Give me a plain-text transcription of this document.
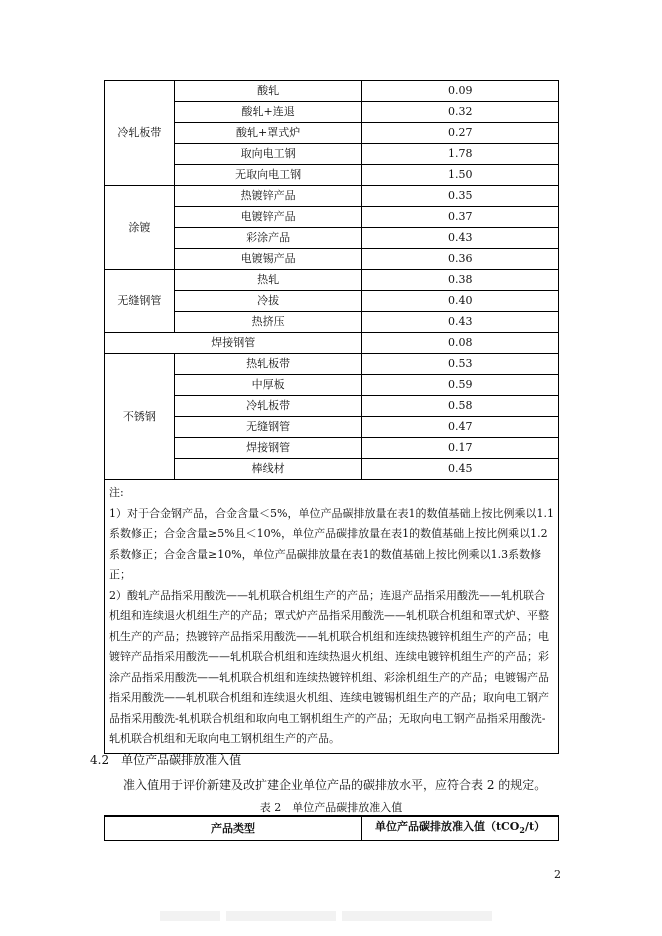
冷轧板带	酸轧	0.09
	酸轧+连退	0.32
	酸轧+罩式炉	0.27
	取向电工钢	1.78
	无取向电工钢	1.50
涂镀	热镀锌产品	0.35
	电镀锌产品	0.37
	彩涂产品	0.43
	电镀锡产品	0.36
无缝钢管	热轧	0.38
	冷拔	0.40
	热挤压	0.43
焊接钢管		0.08
不锈钢	热轧板带	0.53
	中厚板	0.59
	冷轧板带	0.58
	无缝钢管	0.47
	焊接钢管	0.17
	棒线材	0.45

注:

1）对于合金钢产品，合金含量＜5%，单位产品碳排放量在表1的数值基础上按比例乘以1.1系数修正；合金含量≥5%且＜10%，单位产品碳排放量在表1的数值基础上按比例乘以1.2系数修正；合金含量≥10%，单位产品碳排放量在表1的数值基础上按比例乘以1.3系数修正；

2）酸轧产品指采用酸洗——轧机联合机组生产的产品；连退产品指采用酸洗——轧机联合机组和连续退火机组生产的产品；罩式炉产品指采用酸洗——轧机联合机组和罩式炉、平整机生产的产品；热镀锌产品指采用酸洗——轧机联合机组和连续热镀锌机组生产的产品；电镀锌产品指采用酸洗——轧机联合机组和连续热退火机组、连续电镀锌机组生产的产品；彩涂产品指采用酸洗——轧机联合机组和连续热镀锌机组、彩涂机组生产的产品；电镀锡产品指采用酸洗——轧机联合机组和连续退火机组、连续电镀锡机组生产的产品；取向电工钢产品指采用酸洗-轧机联合机组和取向电工钢机组生产的产品；无取向电工钢产品指采用酸洗-轧机联合机组和无取向电工钢机组生产的产品。		

4.2　 单位产品碳排放准入值
准入值用于评价新建及改扩建企业单位产品的碳排放水平，应符合表 2 的规定。
表 2　单位产品碳排放准入值
产品类型	单位产品碳排放准入值（tCO$_2$/t）
2
